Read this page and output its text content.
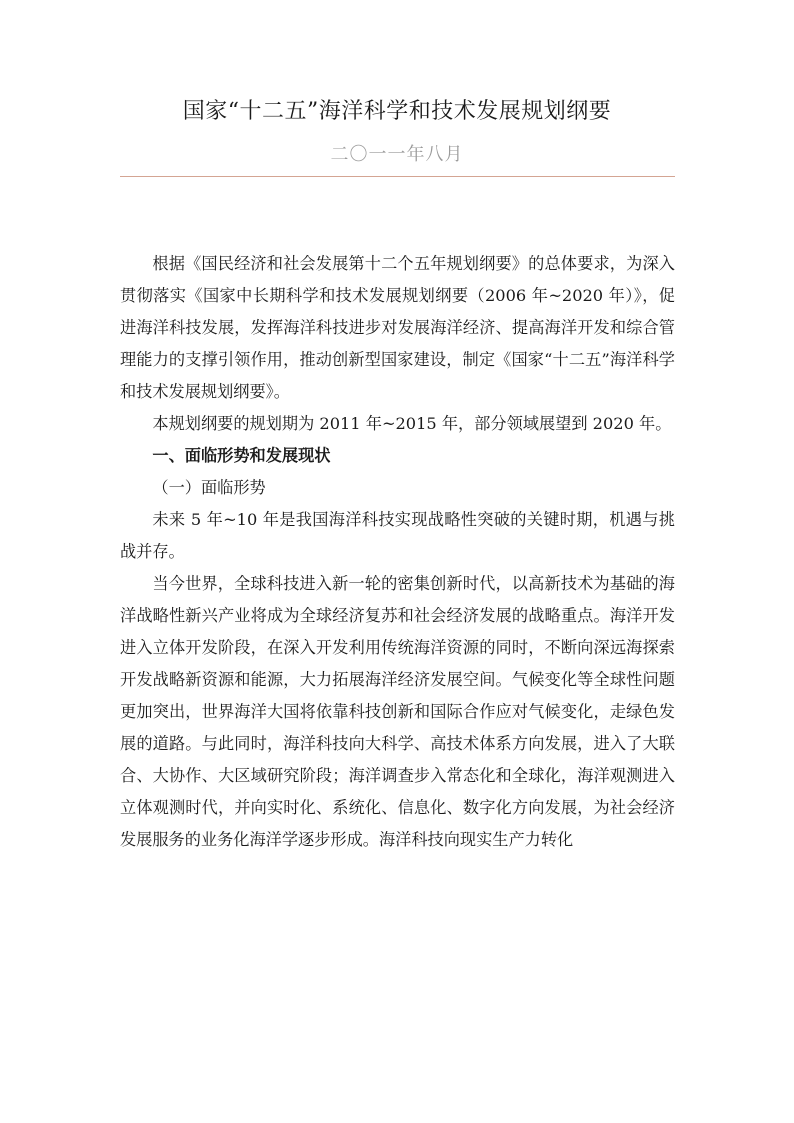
国家“十二五”海洋科学和技术发展规划纲要
二〇一一年八月

根据《国民经济和社会发展第十二个五年规划纲要》的总体要求，为深入贯彻落实《国家中长期科学和技术发展规划纲要（2006 年~2020 年）》，促进海洋科技发展，发挥海洋科技进步对发展海洋经济、提高海洋开发和综合管理能力的支撑引领作用，推动创新型国家建设，制定《国家“十二五”海洋科学和技术发展规划纲要》。

本规划纲要的规划期为 2011 年~2015 年，部分领域展望到 2020 年。

一、面临形势和发展现状

（一）面临形势

未来 5 年~10 年是我国海洋科技实现战略性突破的关键时期，机遇与挑战并存。

当今世界，全球科技进入新一轮的密集创新时代，以高新技术为基础的海洋战略性新兴产业将成为全球经济复苏和社会经济发展的战略重点。海洋开发进入立体开发阶段，在深入开发利用传统海洋资源的同时，不断向深远海探索开发战略新资源和能源，大力拓展海洋经济发展空间。气候变化等全球性问题更加突出，世界海洋大国将依靠科技创新和国际合作应对气候变化，走绿色发展的道路。与此同时，海洋科技向大科学、高技术体系方向发展，进入了大联合、大协作、大区域研究阶段；海洋调查步入常态化和全球化，海洋观测进入立体观测时代，并向实时化、系统化、信息化、数字化方向发展，为社会经济发展服务的业务化海洋学逐步形成。海洋科技向现实生产力转化
